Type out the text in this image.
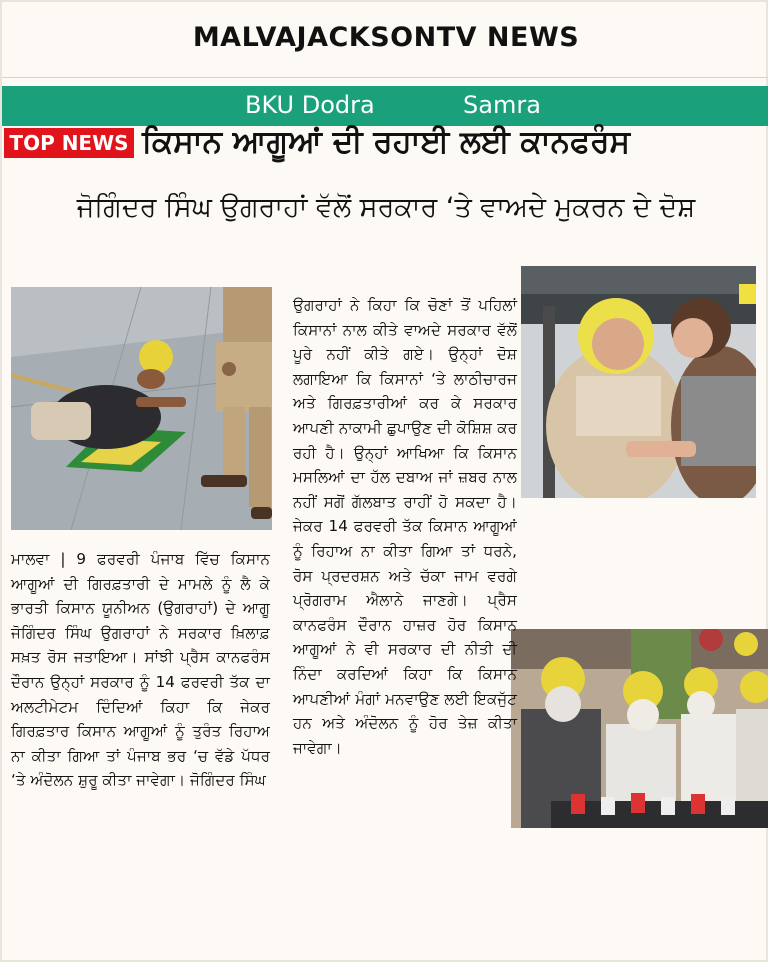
MALVAJACKSONTV NEWS
BKU Dodra	Samra
TOP NEWS ਕਿਸਾਨ ਆਗੂਆਂ ਦੀ ਰਹਾਈ ਲਈ ਕਾਨਫਰੰਸ
ਜੋਗਿੰਦਰ ਸਿੰਘ ਉਗਰਾਹਾਂ ਵੱਲੋਂ ਸਰਕਾਰ ‘ਤੇ ਵਾਅਦੇ ਮੁਕਰਨ ਦੇ ਦੋਸ਼
ਮਾਲਵਾ | 9 ਫਰਵਰੀ ਪੰਜਾਬ ਵਿੱਚ ਕਿਸਾਨ ਆਗੂਆਂ ਦੀ ਗਿਰਫ਼ਤਾਰੀ ਦੇ ਮਾਮਲੇ ਨੂੰ ਲੈ ਕੇ ਭਾਰਤੀ ਕਿਸਾਨ ਯੂਨੀਅਨ (ਉਗਰਾਹਾਂ) ਦੇ ਆਗੂ ਜੋਗਿੰਦਰ ਸਿੰਘ ਉਗਰਾਹਾਂ ਨੇ ਸਰਕਾਰ ਖ਼ਿਲਾਫ਼ ਸਖ਼ਤ ਰੋਸ ਜਤਾਇਆ। ਸਾਂਝੀ ਪ੍ਰੈਸ ਕਾਨਫਰੰਸ ਦੌਰਾਨ ਉਨ੍ਹਾਂ ਸਰਕਾਰ ਨੂੰ 14 ਫਰਵਰੀ ਤੱਕ ਦਾ ਅਲਟੀਮੇਟਮ ਦਿੰਦਿਆਂ ਕਿਹਾ ਕਿ ਜੇਕਰ ਗਿਰਫ਼ਤਾਰ ਕਿਸਾਨ ਆਗੂਆਂ ਨੂੰ ਤੁਰੰਤ ਰਿਹਾਅ ਨਾ ਕੀਤਾ ਗਿਆ ਤਾਂ ਪੰਜਾਬ ਭਰ ‘ਚ ਵੱਡੇ ਪੱਧਰ ‘ਤੇ ਅੰਦੋਲਨ ਸ਼ੁਰੂ ਕੀਤਾ ਜਾਵੇਗਾ। ਜੋਗਿੰਦਰ ਸਿੰਘ
ਉਗਰਾਹਾਂ ਨੇ ਕਿਹਾ ਕਿ ਚੋਣਾਂ ਤੋਂ ਪਹਿਲਾਂ ਕਿਸਾਨਾਂ ਨਾਲ ਕੀਤੇ ਵਾਅਦੇ ਸਰਕਾਰ ਵੱਲੋਂ ਪੂਰੇ ਨਹੀਂ ਕੀਤੇ ਗਏ। ਉਨ੍ਹਾਂ ਦੋਸ਼ ਲਗਾਇਆ ਕਿ ਕਿਸਾਨਾਂ ‘ਤੇ ਲਾਠੀਚਾਰਜ ਅਤੇ ਗਿਰਫ਼ਤਾਰੀਆਂ ਕਰ ਕੇ ਸਰਕਾਰ ਆਪਣੀ ਨਾਕਾਮੀ ਛੁਪਾਉਣ ਦੀ ਕੋਸ਼ਿਸ਼ ਕਰ ਰਹੀ ਹੈ। ਉਨ੍ਹਾਂ ਆਖਿਆ ਕਿ ਕਿਸਾਨ ਮਸਲਿਆਂ ਦਾ ਹੱਲ ਦਬਾਅ ਜਾਂ ਜ਼ਬਰ ਨਾਲ ਨਹੀਂ ਸਗੋਂ ਗੱਲਬਾਤ ਰਾਹੀਂ ਹੋ ਸਕਦਾ ਹੈ। ਜੇਕਰ 14 ਫਰਵਰੀ ਤੱਕ ਕਿਸਾਨ ਆਗੂਆਂ ਨੂੰ ਰਿਹਾਅ ਨਾ ਕੀਤਾ ਗਿਆ ਤਾਂ ਧਰਨੇ, ਰੋਸ ਪ੍ਰਦਰਸ਼ਨ ਅਤੇ ਚੱਕਾ ਜਾਮ ਵਰਗੇ ਪ੍ਰੋਗਰਾਮ ਐਲਾਨੇ ਜਾਣਗੇ। ਪ੍ਰੈਸ ਕਾਨਫਰੰਸ ਦੌਰਾਨ ਹਾਜ਼ਰ ਹੋਰ ਕਿਸਾਨ ਆਗੂਆਂ ਨੇ ਵੀ ਸਰਕਾਰ ਦੀ ਨੀਤੀ ਦੀ ਨਿੰਦਾ ਕਰਦਿਆਂ ਕਿਹਾ ਕਿ ਕਿਸਾਨ ਆਪਣੀਆਂ ਮੰਗਾਂ ਮਨਵਾਉਣ ਲਈ ਇਕਜੁੱਟ ਹਨ ਅਤੇ ਅੰਦੋਲਨ ਨੂੰ ਹੋਰ ਤੇਜ਼ ਕੀਤਾ ਜਾਵੇਗਾ।
